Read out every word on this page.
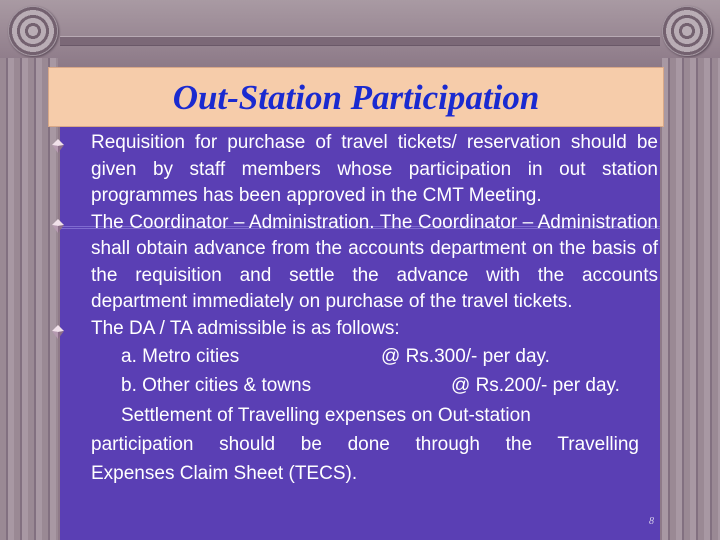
Out-Station Participation
Requisition for purchase of travel tickets/ reservation should be given by staff members whose participation in out station programmes has been approved in the CMT Meeting.
The Coordinator – Administration. The Coordinator – Administration shall obtain advance from the accounts department on the basis of the requisition and settle the advance with the accounts department immediately on purchase of the travel tickets.
The DA / TA admissible is as follows:
a. Metro cities	@ Rs.300/- per day.
b. Other cities & towns	@ Rs.200/- per day.
Settlement of Travelling expenses on Out-station
participation should be done through the Travelling
Expenses Claim Sheet (TECS).
8
